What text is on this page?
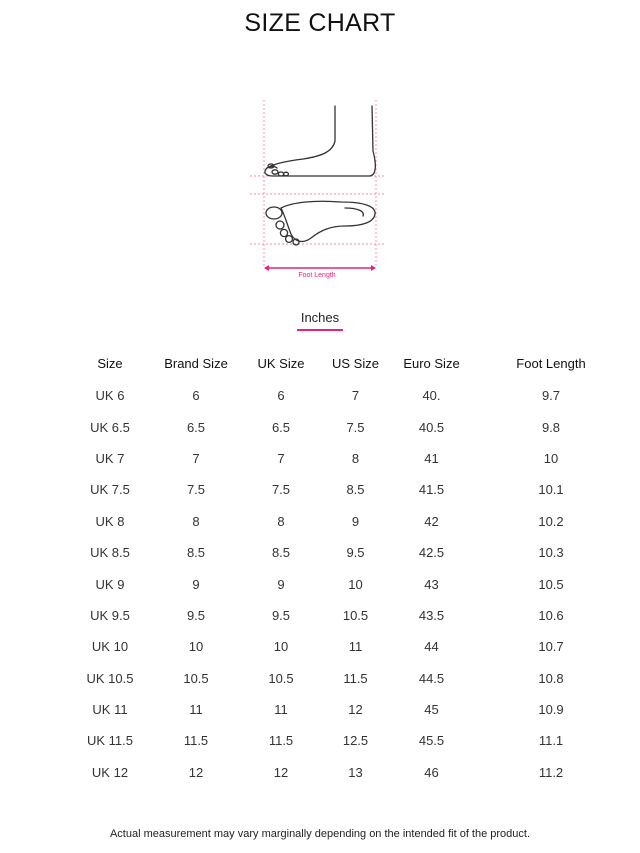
SIZE CHART
Foot Length
Inches
Size	Brand Size	UK Size	US Size	Euro Size	Foot Length
UK 6	6	6	7	40.	9.7
UK 6.5	6.5	6.5	7.5	40.5	9.8
UK 7	7	7	8	41	10
UK 7.5	7.5	7.5	8.5	41.5	10.1
UK 8	8	8	9	42	10.2
UK 8.5	8.5	8.5	9.5	42.5	10.3
UK 9	9	9	10	43	10.5
UK 9.5	9.5	9.5	10.5	43.5	10.6
UK 10	10	10	11	44	10.7
UK 10.5	10.5	10.5	11.5	44.5	10.8
UK 11	11	11	12	45	10.9
UK 11.5	11.5	11.5	12.5	45.5	11.1
UK 12	12	12	13	46	11.2
Actual measurement may vary marginally depending on the intended fit of the product.
